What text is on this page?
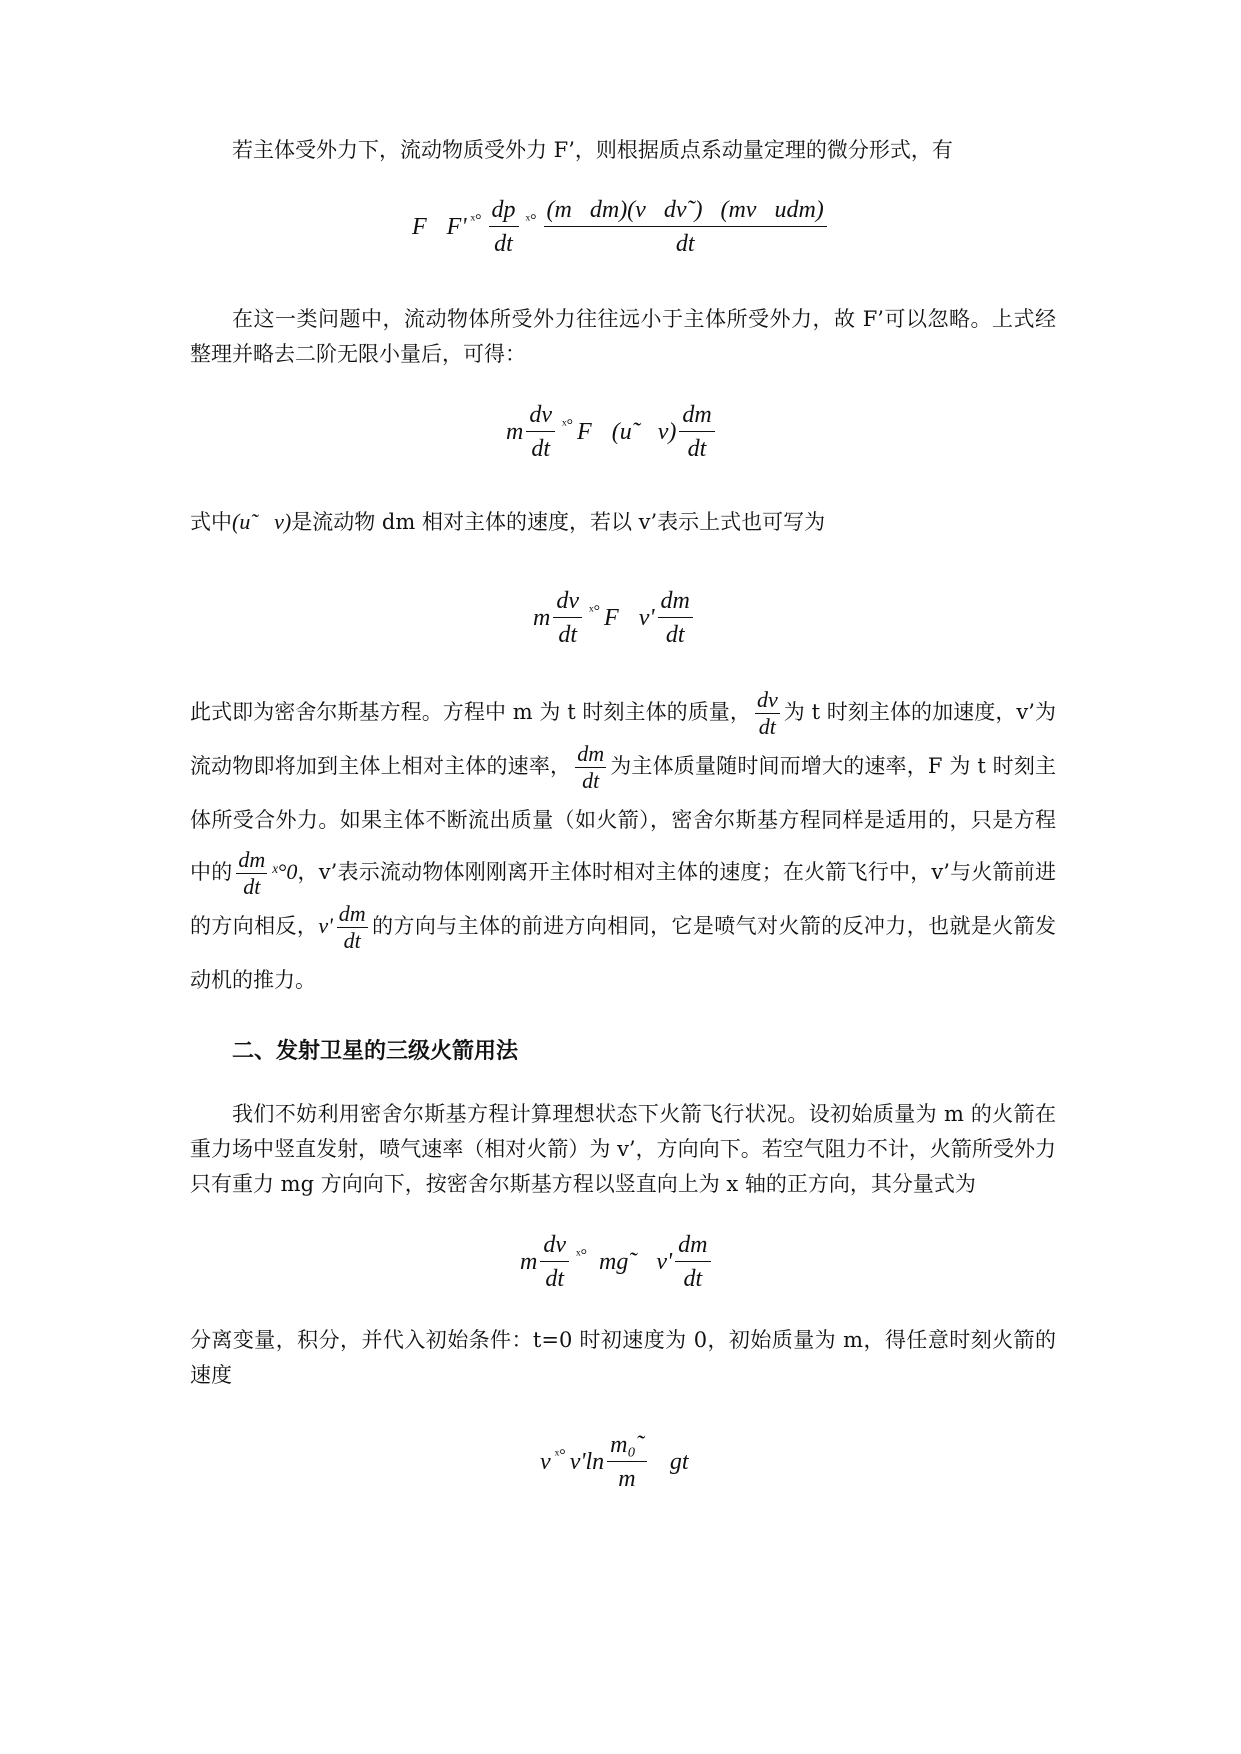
若主体受外力下，流动物质受外力 F’，则根据质点系动量定理的微分形式，有
F F' ˣ° $\frac{dp}{dt}$ ˣ° $\frac{\text{(m   dm)(v   dv˜)   (mv   udm)}}{dt}$
在这一类问题中，流动物体所受外力往往远小于主体所受外力，故 F’可以忽略。上式经整理并略去二阶无限小量后，可得：
m $\frac{dv}{dt}$ ˣ° F (u˜   $v) \frac{dm}{dt}$
式中(u˜   v)是流动物 dm 相对主体的速度，若以 v’表示上式也可写为
m $\frac{dv}{dt}$ ˣ° F $v' \frac{dm}{dt}$
此式即为密舍尔斯基方程。方程中 m 为 t 时刻主体的质量， $\frac{dv}{dt}$ 为 t 时刻主体的加速度，v’为流动物即将加到主体上相对主体的速率， $\frac{dm}{dt}$ 为主体质量随时间而增大的速率，F 为 t 时刻主体所受合外力。如果主体不断流出质量（如火箭），密舍尔斯基方程同样是适用的，只是方程中的 $\frac{dm}{dt}$ ˣ°0，v’表示流动物体刚刚离开主体时相对主体的速度；在火箭飞行中，v’与火箭前进的方向相反，$v' \frac{dm}{dt}$ 的方向与主体的前进方向相同，它是喷气对火箭的反冲力，也就是火箭发动机的推力。
二、发射卫星的三级火箭用法
我们不妨利用密舍尔斯基方程计算理想状态下火箭飞行状况。设初始质量为 m 的火箭在重力场中竖直发射，喷气速率（相对火箭）为 v’，方向向下。若空气阻力不计，火箭所受外力只有重力 mg 方向向下，按密舍尔斯基方程以竖直向上为 x 轴的正方向，其分量式为
m $\frac{dv}{dt}$ ˣ° mg˜ $v' \frac{dm}{dt}$
分离变量，积分，并代入初始条件：t=0 时初速度为 0，初始质量为 m，得任意时刻火箭的速度
v ˣ° $v'\ln \frac{\text{m₀˜}}{m}$ gt
